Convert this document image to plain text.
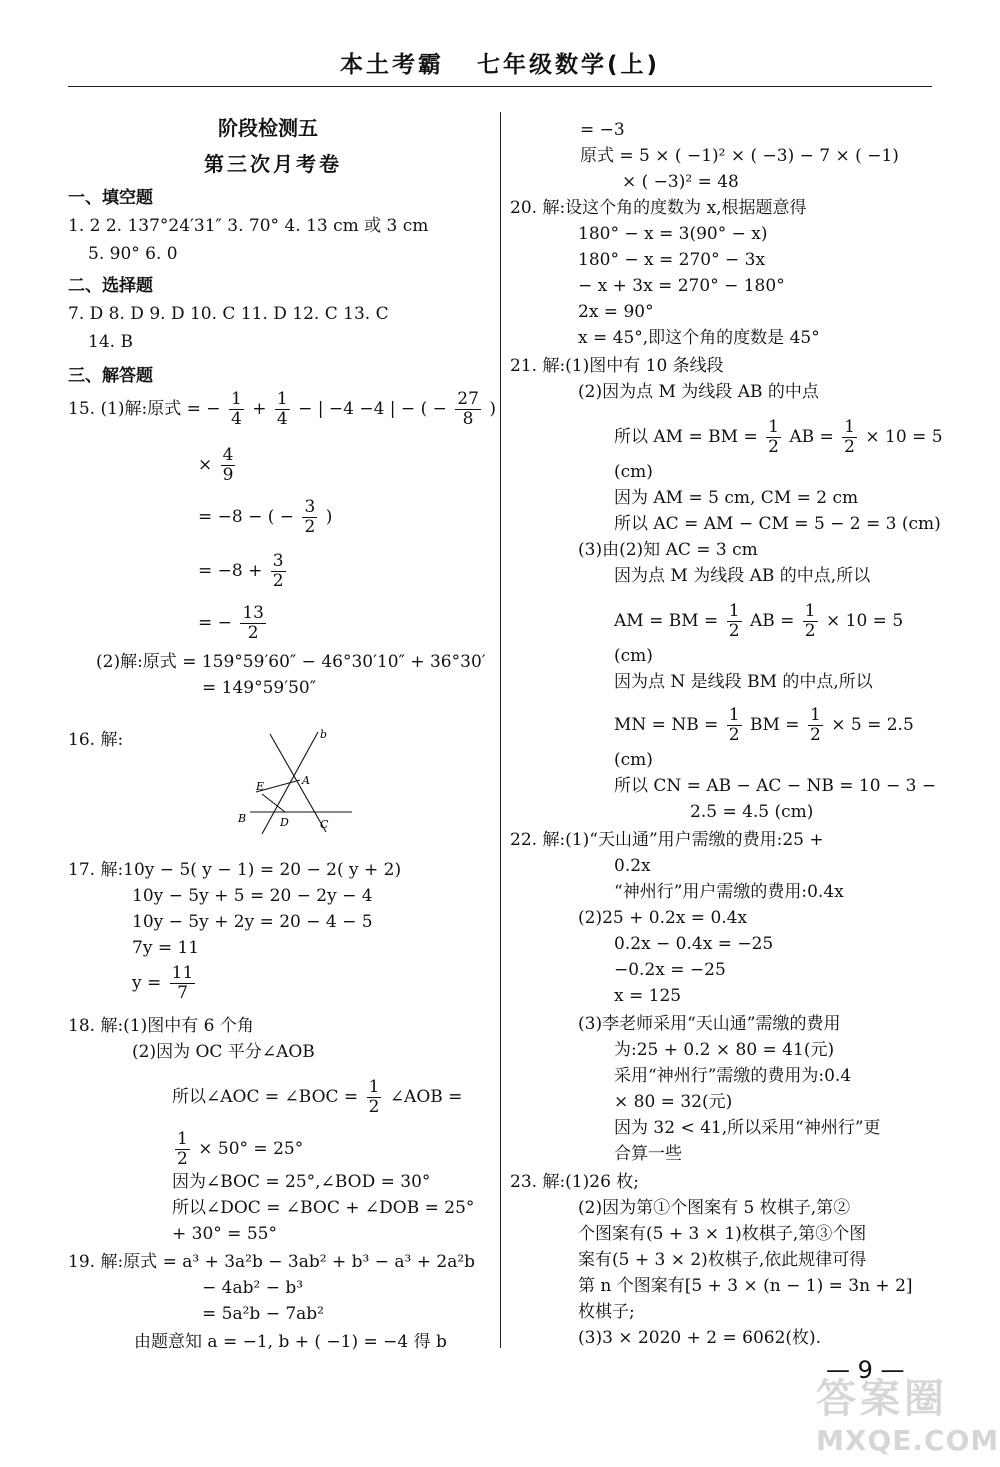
本土考霸 七年级数学(上)
阶段检测五
第三次月考卷
一、填空题
1. 2 2. 137°24′31″ 3. 70° 4. 13 cm 或 3 cm
5. 90° 6. 0
二、选择题
7. D 8. D 9. D 10. C 11. D 12. C 13. C
14. B
三、解答题
15. (1)解:原式 = − $\frac{1}{4} + \frac{1}{4}$ − | −4 −4 | − ( − $\frac{27}{8}$ )
× $\frac{4}{9}$
= −8 − ( − $\frac{3}{2}$ )
= $-8 + \frac{3}{2}$
= − $\frac{13}{2}$
(2)解:原式 = 159°59′60″ − 46°30′10″ + 36°30′
= 149°59′50″
16. 解:	b
A
E
B	D	C
17. 解:10y − 5( y − 1) = 20 − 2( y + 2)
10y − 5y + 5 = 20 − 2y − 4
10y − 5y + 2y = 20 − 4 − 5
7y = 11
$y = \frac{11}{7}$
18. 解:(1)图中有 6 个角
(2)因为 OC 平分∠AOB
所以∠AOC = ∠BOC = $\frac{1}{2}$ ∠AOB =
$\frac{1}{2} \times 50^\circ = 25^\circ$
因为∠BOC = 25°,∠BOD = 30°
所以∠DOC = ∠BOC + ∠DOB = 25°
+ 30° = 55°
19. 解:原式 = a³ + 3a²b − 3ab² + b³ − a³ + 2a²b
− 4ab² − b³
= 5a²b − 7ab²
由题意知 a = −1, b + ( −1) = −4 得 b
= −3
原式 = 5 × ( −1)² × ( −3) − 7 × ( −1)
× ( −3)² = 48
20. 解:设这个角的度数为 x,根据题意得
180° − x = 3(90° − x)
180° − x = 270° − 3x
− x + 3x = 270° − 180°
2x = 90°
x = 45°,即这个角的度数是 45°
21. 解:(1)图中有 10 条线段
(2)因为点 M 为线段 AB 的中点
所以 AM = BM = $\frac{1}{2}$ AB = $\frac{1}{2} \times 10 = 5$
(cm)
因为 AM = 5 cm, CM = 2 cm
所以 AC = AM − CM = 5 − 2 = 3 (cm)
(3)由(2)知 AC = 3 cm
因为点 M 为线段 AB 的中点,所以
AM = BM = $\frac{1}{2}$ AB = $\frac{1}{2} \times 10 = 5$
(cm)
因为点 N 是线段 BM 的中点,所以
MN = NB = $\frac{1}{2}$ BM = $\frac{1}{2} \times 5 = 2.5$
(cm)
所以 CN = AB − AC − NB = 10 − 3 −
2.5 = 4.5 (cm)
22. 解:(1)“天山通”用户需缴的费用:25 +
0.2x
“神州行”用户需缴的费用:0.4x
(2)25 + 0.2x = 0.4x
0.2x − 0.4x = −25
−0.2x = −25
x = 125
(3)李老师采用“天山通”需缴的费用
为:25 + 0.2 × 80 = 41(元)
采用“神州行”需缴的费用为:0.4
× 80 = 32(元)
因为 32 < 41,所以采用“神州行”更
合算一些
23. 解:(1)26 枚;
(2)因为第①个图案有 5 枚棋子,第②
个图案有(5 + 3 × 1)枚棋子,第③个图
案有(5 + 3 × 2)枚棋子,依此规律可得
第 n 个图案有[5 + 3 × (n − 1) = 3n + 2]
枚棋子;
(3)3 × 2020 + 2 = 6062(枚).
— 9 —
答案圈
MXQE.COM
